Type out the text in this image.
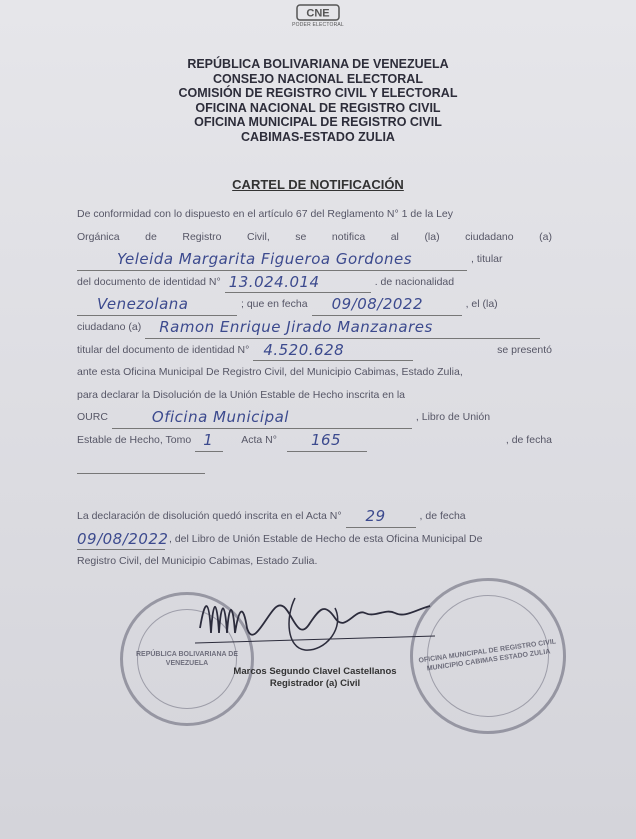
CNE
PODER ELECTORAL
REPÚBLICA BOLIVARIANA DE VENEZUELA
CONSEJO NACIONAL ELECTORAL
COMISIÓN DE REGISTRO CIVIL Y ELECTORAL
OFICINA NACIONAL DE REGISTRO CIVIL
OFICINA MUNICIPAL DE REGISTRO CIVIL
CABIMAS-ESTADO ZULIA
CARTEL DE NOTIFICACIÓN
De conformidad con lo dispuesto en el artículo 67 del Reglamento N° 1 de la Ley
Orgánica de Registro Civil, se notifica al (la) ciudadano (a)
Yeleida Margarita Figueroa Gordones	, titular
del documento de identidad N° 13.024.014	. de nacionalidad
Venezolana	; que en fecha 09/08/2022	, el (la)
ciudadano (a) Ramon Enrique Jirado Manzanares
titular del documento de identidad N° 4.520.628	se presentó
ante esta Oficina Municipal De Registro Civil, del Municipio Cabimas, Estado Zulia,
para declarar la Disolución de la Unión Estable de Hecho inscrita en la
OURC	Oficina Municipal	, Libro de Unión
Estable de Hecho, Tomo 1	Acta N° 165	, de fecha
La declaración de disolución quedó inscrita en el Acta N° 29	, de fecha
09/08/2022 , del Libro de Unión Estable de Hecho de esta Oficina Municipal De
Registro Civil, del Municipio Cabimas, Estado Zulia.
REPÚBLICA BOLIVARIANA DE VENEZUELA	OFICINA MUNICIPAL DE REGISTRO CIVIL MUNICIPIO CABIMAS ESTADO ZULIA
Marcos Segundo Clavel Castellanos
Registrador (a) Civil
